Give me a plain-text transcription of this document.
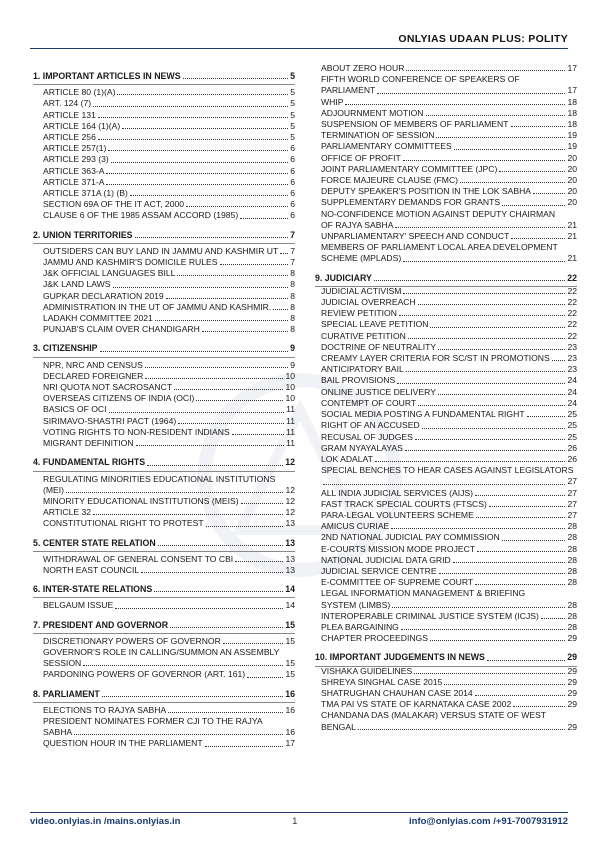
ONLYIAS UDAAN PLUS: POLITY
1. IMPORTANT ARTICLES IN NEWS	5
ARTICLE 80 (1)(A)	5
ART. 124 (7)	5
ARTICLE 131	5
ARTICLE 164 (1)(A)	5
ARTICLE 256	5
ARTICLE 257(1)	6
ARTICLE 293 (3)	6
ARTICLE 363-A	6
ARTICLE 371-A	6
ARTICLE 371A (1) (B)	6
SECTION 69A OF THE IT ACT, 2000	6
CLAUSE 6 OF THE 1985 ASSAM ACCORD (1985)	6
2. UNION TERRITORIES	7
OUTSIDERS CAN BUY LAND IN JAMMU AND KASHMIR UT 7
JAMMU AND KASHMIR'S DOMICILE RULES	7
J&K OFFICIAL LANGUAGES BILL	8
J&K LAND LAWS	8
GUPKAR DECLARATION 2019	8
ADMINISTRATION IN THE UT OF JAMMU AND KASHMIR. 8
LADAKH COMMITTEE 2021	8
PUNJAB'S CLAIM OVER CHANDIGARH	8
3. CITIZENSHIP	9
NPR, NRC AND CENSUS	9
DECLARED FOREIGNER	10
NRI QUOTA NOT SACROSANCT	10
OVERSEAS CITIZENS OF INDIA (OCI)	10
BASICS OF OCI	11
SIRIMAVO-SHASTRI PACT (1964)	11
VOTING RIGHTS TO NON-RESIDENT INDIANS	11
MIGRANT DEFINITION	11
4. FUNDAMENTAL RIGHTS	12
REGULATING MINORITIES EDUCATIONAL INSTITUTIONS
(MEI)	12
MINORITY EDUCATIONAL INSTITUTIONS (MEIS)	12
ARTICLE 32	12
CONSTITUTIONAL RIGHT TO PROTEST	13
5. CENTER STATE RELATION	13
WITHDRAWAL OF GENERAL CONSENT TO CBI	13
NORTH EAST COUNCIL	13
6. INTER-STATE RELATIONS	14
BELGAUM ISSUE	14
7. PRESIDENT AND GOVERNOR	15
DISCRETIONARY POWERS OF GOVERNOR	15
GOVERNOR'S ROLE IN CALLING/SUMMON AN ASSEMBLY
SESSION	15
PARDONING POWERS OF GOVERNOR (ART. 161)	15
8. PARLIAMENT	16
ELECTIONS TO RAJYA SABHA	16
PRESIDENT NOMINATES FORMER CJI TO THE RAJYA
SABHA	16
QUESTION HOUR IN THE PARLIAMENT	17
ABOUT ZERO HOUR	17
FIFTH WORLD CONFERENCE OF SPEAKERS OF
PARLIAMENT	17
WHIP	18
ADJOURNMENT MOTION	18
SUSPENSION OF MEMBERS OF PARLIAMENT	18
TERMINATION OF SESSION	19
PARLIAMENTARY COMMITTEES	19
OFFICE OF PROFIT	20
JOINT PARLIAMENTARY COMMITTEE (JPC)	20
FORCE MAJEURE CLAUSE (FMC)	20
DEPUTY SPEAKER'S POSITION IN THE LOK SABHA	20
SUPPLEMENTARY DEMANDS FOR GRANTS	20
NO-CONFIDENCE MOTION AGAINST DEPUTY CHAIRMAN
OF RAJYA SABHA	21
UNPARLIAMENTARY' SPEECH AND CONDUCT	21
MEMBERS OF PARLIAMENT LOCAL AREA DEVELOPMENT
SCHEME (MPLADS)	21
9. JUDICIARY	22
JUDICIAL ACTIVISM	22
JUDICIAL OVERREACH	22
REVIEW PETITION	22
SPECIAL LEAVE PETITION	22
CURATIVE PETITION	22
DOCTRINE OF NEUTRALITY	23
CREAMY LAYER CRITERIA FOR SC/ST IN PROMOTIONS 23
ANTICIPATORY BAIL	23
BAIL PROVISIONS	24
ONLINE JUSTICE DELIVERY	24
CONTEMPT OF COURT	24
SOCIAL MEDIA POSTING A FUNDAMENTAL RIGHT	25
RIGHT OF AN ACCUSED	25
RECUSAL OF JUDGES	25
GRAM NYAYALAYAS	26
LOK ADALAT	26
SPECIAL BENCHES TO HEAR CASES AGAINST LEGISLATORS
27
ALL INDIA JUDICIAL SERVICES (AIJS)	27
FAST TRACK SPECIAL COURTS (FTSCS)	27
PARA-LEGAL VOLUNTEERS SCHEME	27
AMICUS CURIAE	28
2ND NATIONAL JUDICIAL PAY COMMISSION	28
E-COURTS MISSION MODE PROJECT	28
NATIONAL JUDICIAL DATA GRID	28
JUDICIAL SERVICE CENTRE	28
E-COMMITTEE OF SUPREME COURT	28
LEGAL INFORMATION MANAGEMENT & BRIEFING
SYSTEM (LIMBS)	28
INTEROPERABLE CRIMINAL JUSTICE SYSTEM (ICJS)	28
PLEA BARGAINING	28
CHAPTER PROCEEDINGS	29
10. IMPORTANT JUDGEMENTS IN NEWS	29
VISHAKA GUIDELINES	29
SHREYA SINGHAL CASE 2015	29
SHATRUGHAN CHAUHAN CASE 2014	29
TMA PAI VS STATE OF KARNATAKA CASE 2002	29
CHANDANA DAS (MALAKAR) VERSUS STATE OF WEST
BENGAL	29
video.onlyias.in /mains.onlyias.in	1	info@onlyias.com /+91-7007931912
